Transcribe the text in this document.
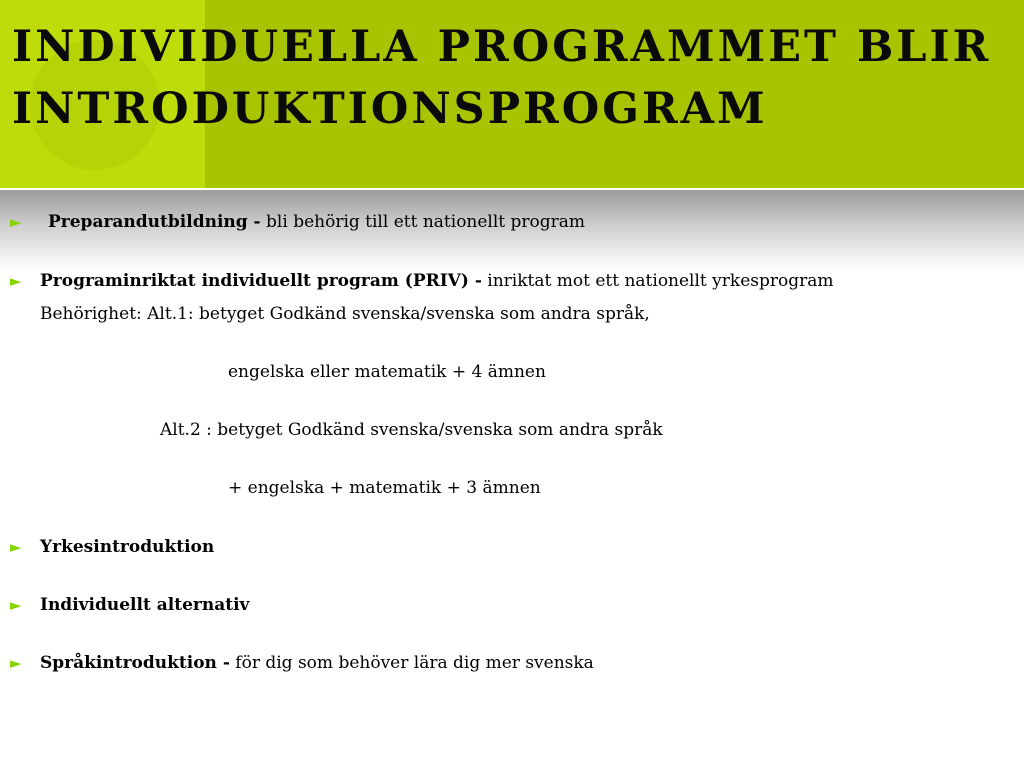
INDIVIDUELLA PROGRAMMET BLIR INTRODUKTIONSPROGRAM
► Preparandutbildning - bli behörig till ett nationellt program
► Programinriktat individuellt program (PRIV) - inriktat mot ett nationellt yrkesprogram
Behörighet: Alt.1: betyget Godkänd svenska/svenska som andra språk,
engelska eller matematik + 4 ämnen
Alt.2 : betyget Godkänd svenska/svenska som andra språk
+ engelska + matematik + 3 ämnen
► Yrkesintroduktion
► Individuellt alternativ
► Språkintroduktion - för dig som behöver lära dig mer svenska
